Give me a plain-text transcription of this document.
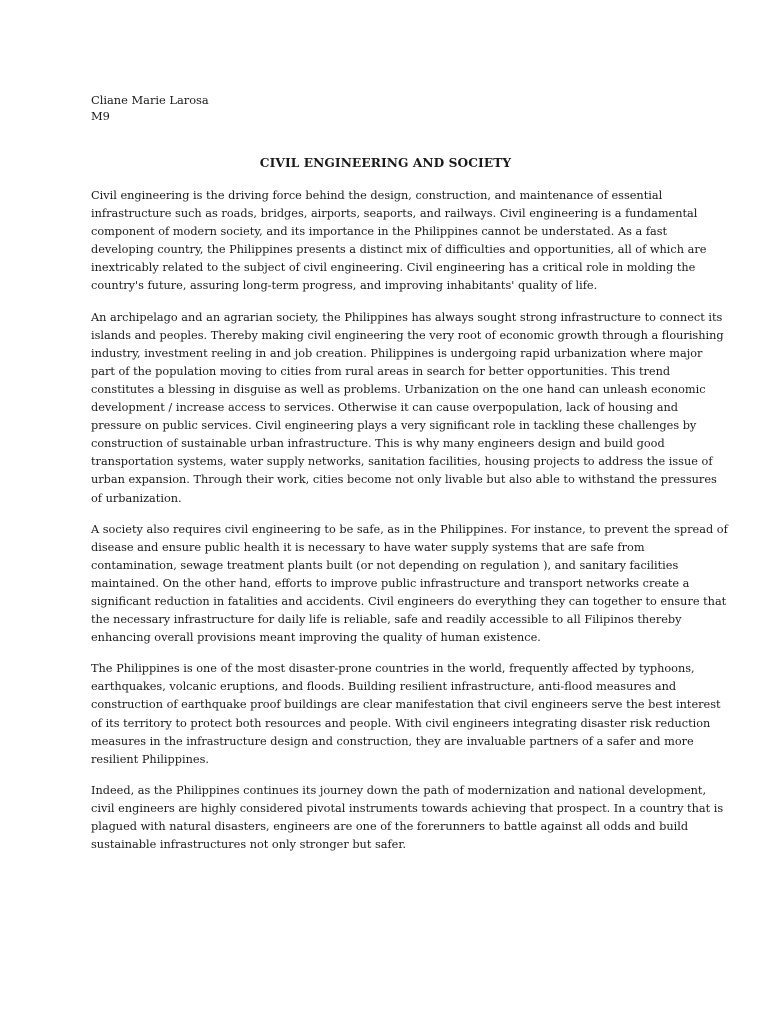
Cliane Marie Larosa
M9
CIVIL ENGINEERING AND SOCIETY

Civil engineering is the driving force behind the design, construction, and maintenance of essential
infrastructure such as roads, bridges, airports, seaports, and railways. Civil engineering is a fundamental
component of modern society, and its importance in the Philippines cannot be understated. As a fast
developing country, the Philippines presents a distinct mix of difficulties and opportunities, all of which are
inextricably related to the subject of civil engineering. Civil engineering has a critical role in molding the
country's future, assuring long-term progress, and improving inhabitants' quality of life.

An archipelago and an agrarian society, the Philippines has always sought strong infrastructure to connect its
islands and peoples. Thereby making civil engineering the very root of economic growth through a flourishing
industry, investment reeling in and job creation. Philippines is undergoing rapid urbanization where major
part of the population moving to cities from rural areas in search for better opportunities. This trend
constitutes a blessing in disguise as well as problems. Urbanization on the one hand can unleash economic
development / increase access to services. Otherwise it can cause overpopulation, lack of housing and
pressure on public services. Civil engineering plays a very significant role in tackling these challenges by
construction of sustainable urban infrastructure. This is why many engineers design and build good
transportation systems, water supply networks, sanitation facilities, housing projects to address the issue of
urban expansion. Through their work, cities become not only livable but also able to withstand the pressures
of urbanization.

A society also requires civil engineering to be safe, as in the Philippines. For instance, to prevent the spread of
disease and ensure public health it is necessary to have water supply systems that are safe from
contamination, sewage treatment plants built (or not depending on regulation ), and sanitary facilities
maintained. On the other hand, efforts to improve public infrastructure and transport networks create a
significant reduction in fatalities and accidents. Civil engineers do everything they can together to ensure that
the necessary infrastructure for daily life is reliable, safe and readily accessible to all Filipinos thereby
enhancing overall provisions meant improving the quality of human existence.

The Philippines is one of the most disaster-prone countries in the world, frequently affected by typhoons,
earthquakes, volcanic eruptions, and floods. Building resilient infrastructure, anti-flood measures and
construction of earthquake proof buildings are clear manifestation that civil engineers serve the best interest
of its territory to protect both resources and people. With civil engineers integrating disaster risk reduction
measures in the infrastructure design and construction, they are invaluable partners of a safer and more
resilient Philippines.

Indeed, as the Philippines continues its journey down the path of modernization and national development,
civil engineers are highly considered pivotal instruments towards achieving that prospect. In a country that is
plagued with natural disasters, engineers are one of the forerunners to battle against all odds and build
sustainable infrastructures not only stronger but safer.
